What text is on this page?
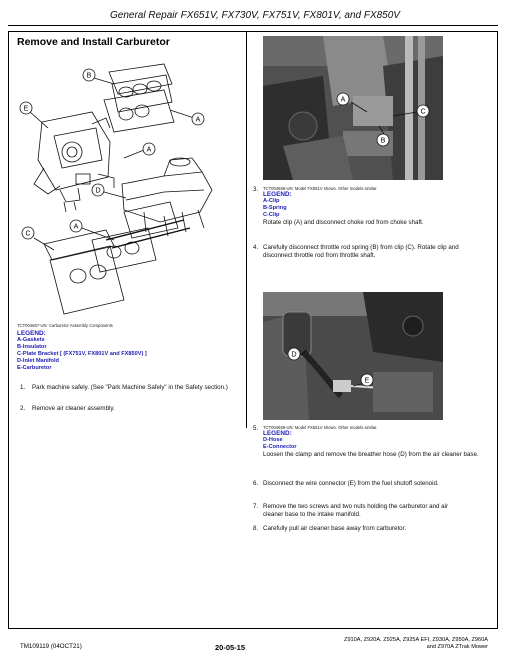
General Repair FX651V, FX730V, FX751V, FX801V, and FX850V
Remove and Install Carburetor
B
E
A
A
D
A
C
TCT004657-UN: Carburetor Assembly Components
LEGEND:
A-Gaskets
B-Insulator
C-Plate Bracket [ (FX751V, FX801V and FX850V) ]
D-Inlet Manifold
E-Carburetor
1.	Park machine safely. (See "Park Machine Safely" in the Safety section.)
2.	Remove air cleaner assembly.
A
C
B
3. TCT004658-UN: Model FX651V shown. Other models similar.
LEGEND:
A-Clip
B-Spring
C-Clip
Rotate clip (A) and disconnect choke rod from choke shaft.
4. Carefully disconnect throttle rod spring (B) from clip (C). Rotate clip and disconnect throttle rod from throttle shaft.
D
E
5. TCT004659-UN: Model FX651V shown. Other models similar.
LEGEND:
D-Hose
E-Connector
Loosen the clamp and remove the breather hose (D) from the air cleaner base.
6. Disconnect the wire connector (E) from the fuel shutoff solenoid.
7. Remove the two screws and two nuts holding the carburetor and air cleaner base to the intake manifold.
8. Carefully pull air cleaner base away from carburetor.
TM109119 (04OCT21)	20-05-15
Z910A, Z920A, Z925A, Z925A EFI, Z930A, Z950A, Z960A
and Z970A ZTrak Mower
